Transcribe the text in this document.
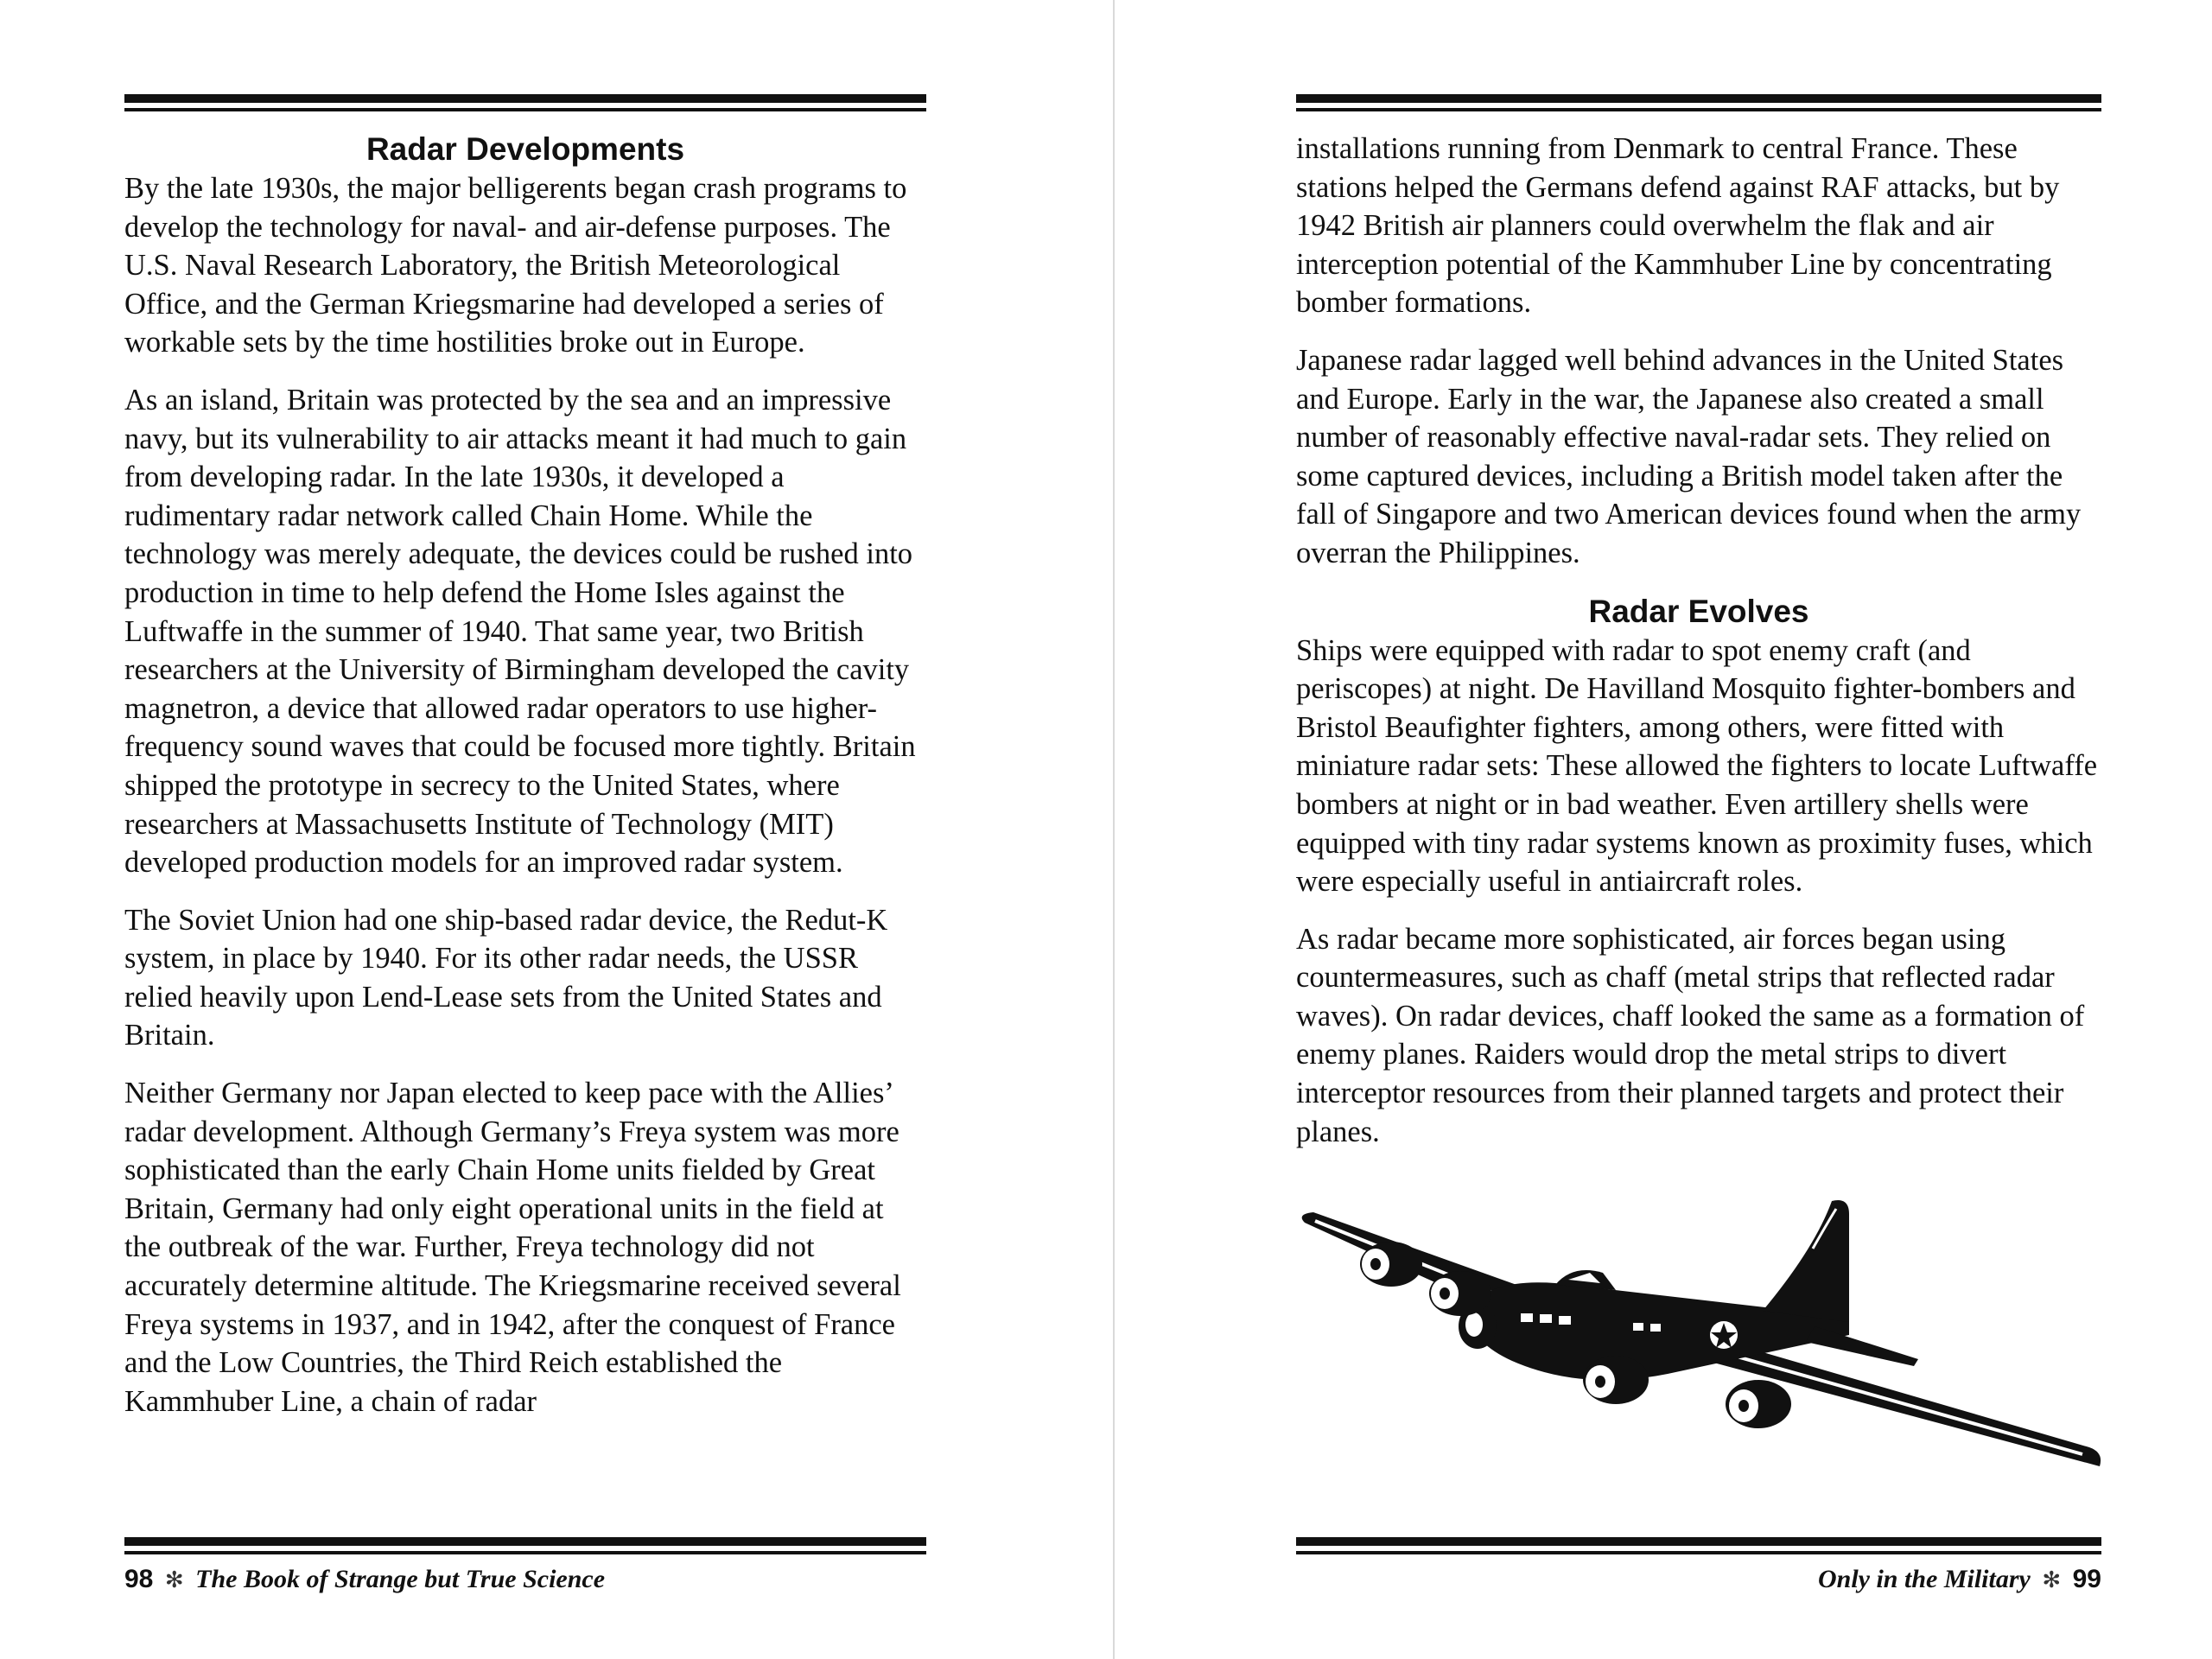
Radar Developments

By the late 1930s, the major belligerents began crash programs to develop the technology for naval- and air-defense purposes. The U.S. Naval Research Laboratory, the British Meteorological Office, and the German Kriegsmarine had developed a series of workable sets by the time hostilities broke out in Europe.

As an island, Britain was protected by the sea and an impressive navy, but its vulnerability to air attacks meant it had much to gain from developing radar. In the late 1930s, it developed a rudimentary radar network called Chain Home. While the technology was merely adequate, the devices could be rushed into production in time to help defend the Home Isles against the Luftwaffe in the summer of 1940. That same year, two British researchers at the University of Birmingham developed the cavity magnetron, a device that allowed radar operators to use higher-frequency sound waves that could be focused more tightly. Britain shipped the prototype in secrecy to the United States, where researchers at Massachusetts Institute of Technology (MIT) developed production models for an improved radar system.

The Soviet Union had one ship-based radar device, the Redut-K system, in place by 1940. For its other radar needs, the USSR relied heavily upon Lend-Lease sets from the United States and Britain.

Neither Germany nor Japan elected to keep pace with the Allies’ radar development. Although Germany’s Freya system was more sophisticated than the early Chain Home units fielded by Great Britain, Germany had only eight operational units in the field at the outbreak of the war. Further, Freya technology did not accurately determine altitude. The Kriegsmarine received several Freya systems in 1937, and in 1942, after the conquest of France and the Low Countries, the Third Reich established the Kammhuber Line, a chain of radar

98 ✻ The Book of Strange but True Science

installations running from Denmark to central France. These stations helped the Germans defend against RAF attacks, but by 1942 British air planners could overwhelm the flak and air interception potential of the Kammhuber Line by concentrating bomber formations.

Japanese radar lagged well behind advances in the United States and Europe. Early in the war, the Japanese also created a small number of reasonably effective naval-radar sets. They relied on some captured devices, including a British model taken after the fall of Singapore and two American devices found when the army overran the Philippines.

Radar Evolves

Ships were equipped with radar to spot enemy craft (and periscopes) at night. De Havilland Mosquito fighter-bombers and Bristol Beaufighter fighters, among others, were fitted with miniature radar sets: These allowed the fighters to locate Luftwaffe bombers at night or in bad weather. Even artillery shells were equipped with tiny radar systems known as proximity fuses, which were especially useful in antiaircraft roles.

As radar became more sophisticated, air forces began using countermeasures, such as chaff (metal strips that reflected radar waves). On radar devices, chaff looked the same as a formation of enemy planes. Raiders would drop the metal strips to divert interceptor resources from their planned targets and protect their planes.

Only in the Military ✻ 99
